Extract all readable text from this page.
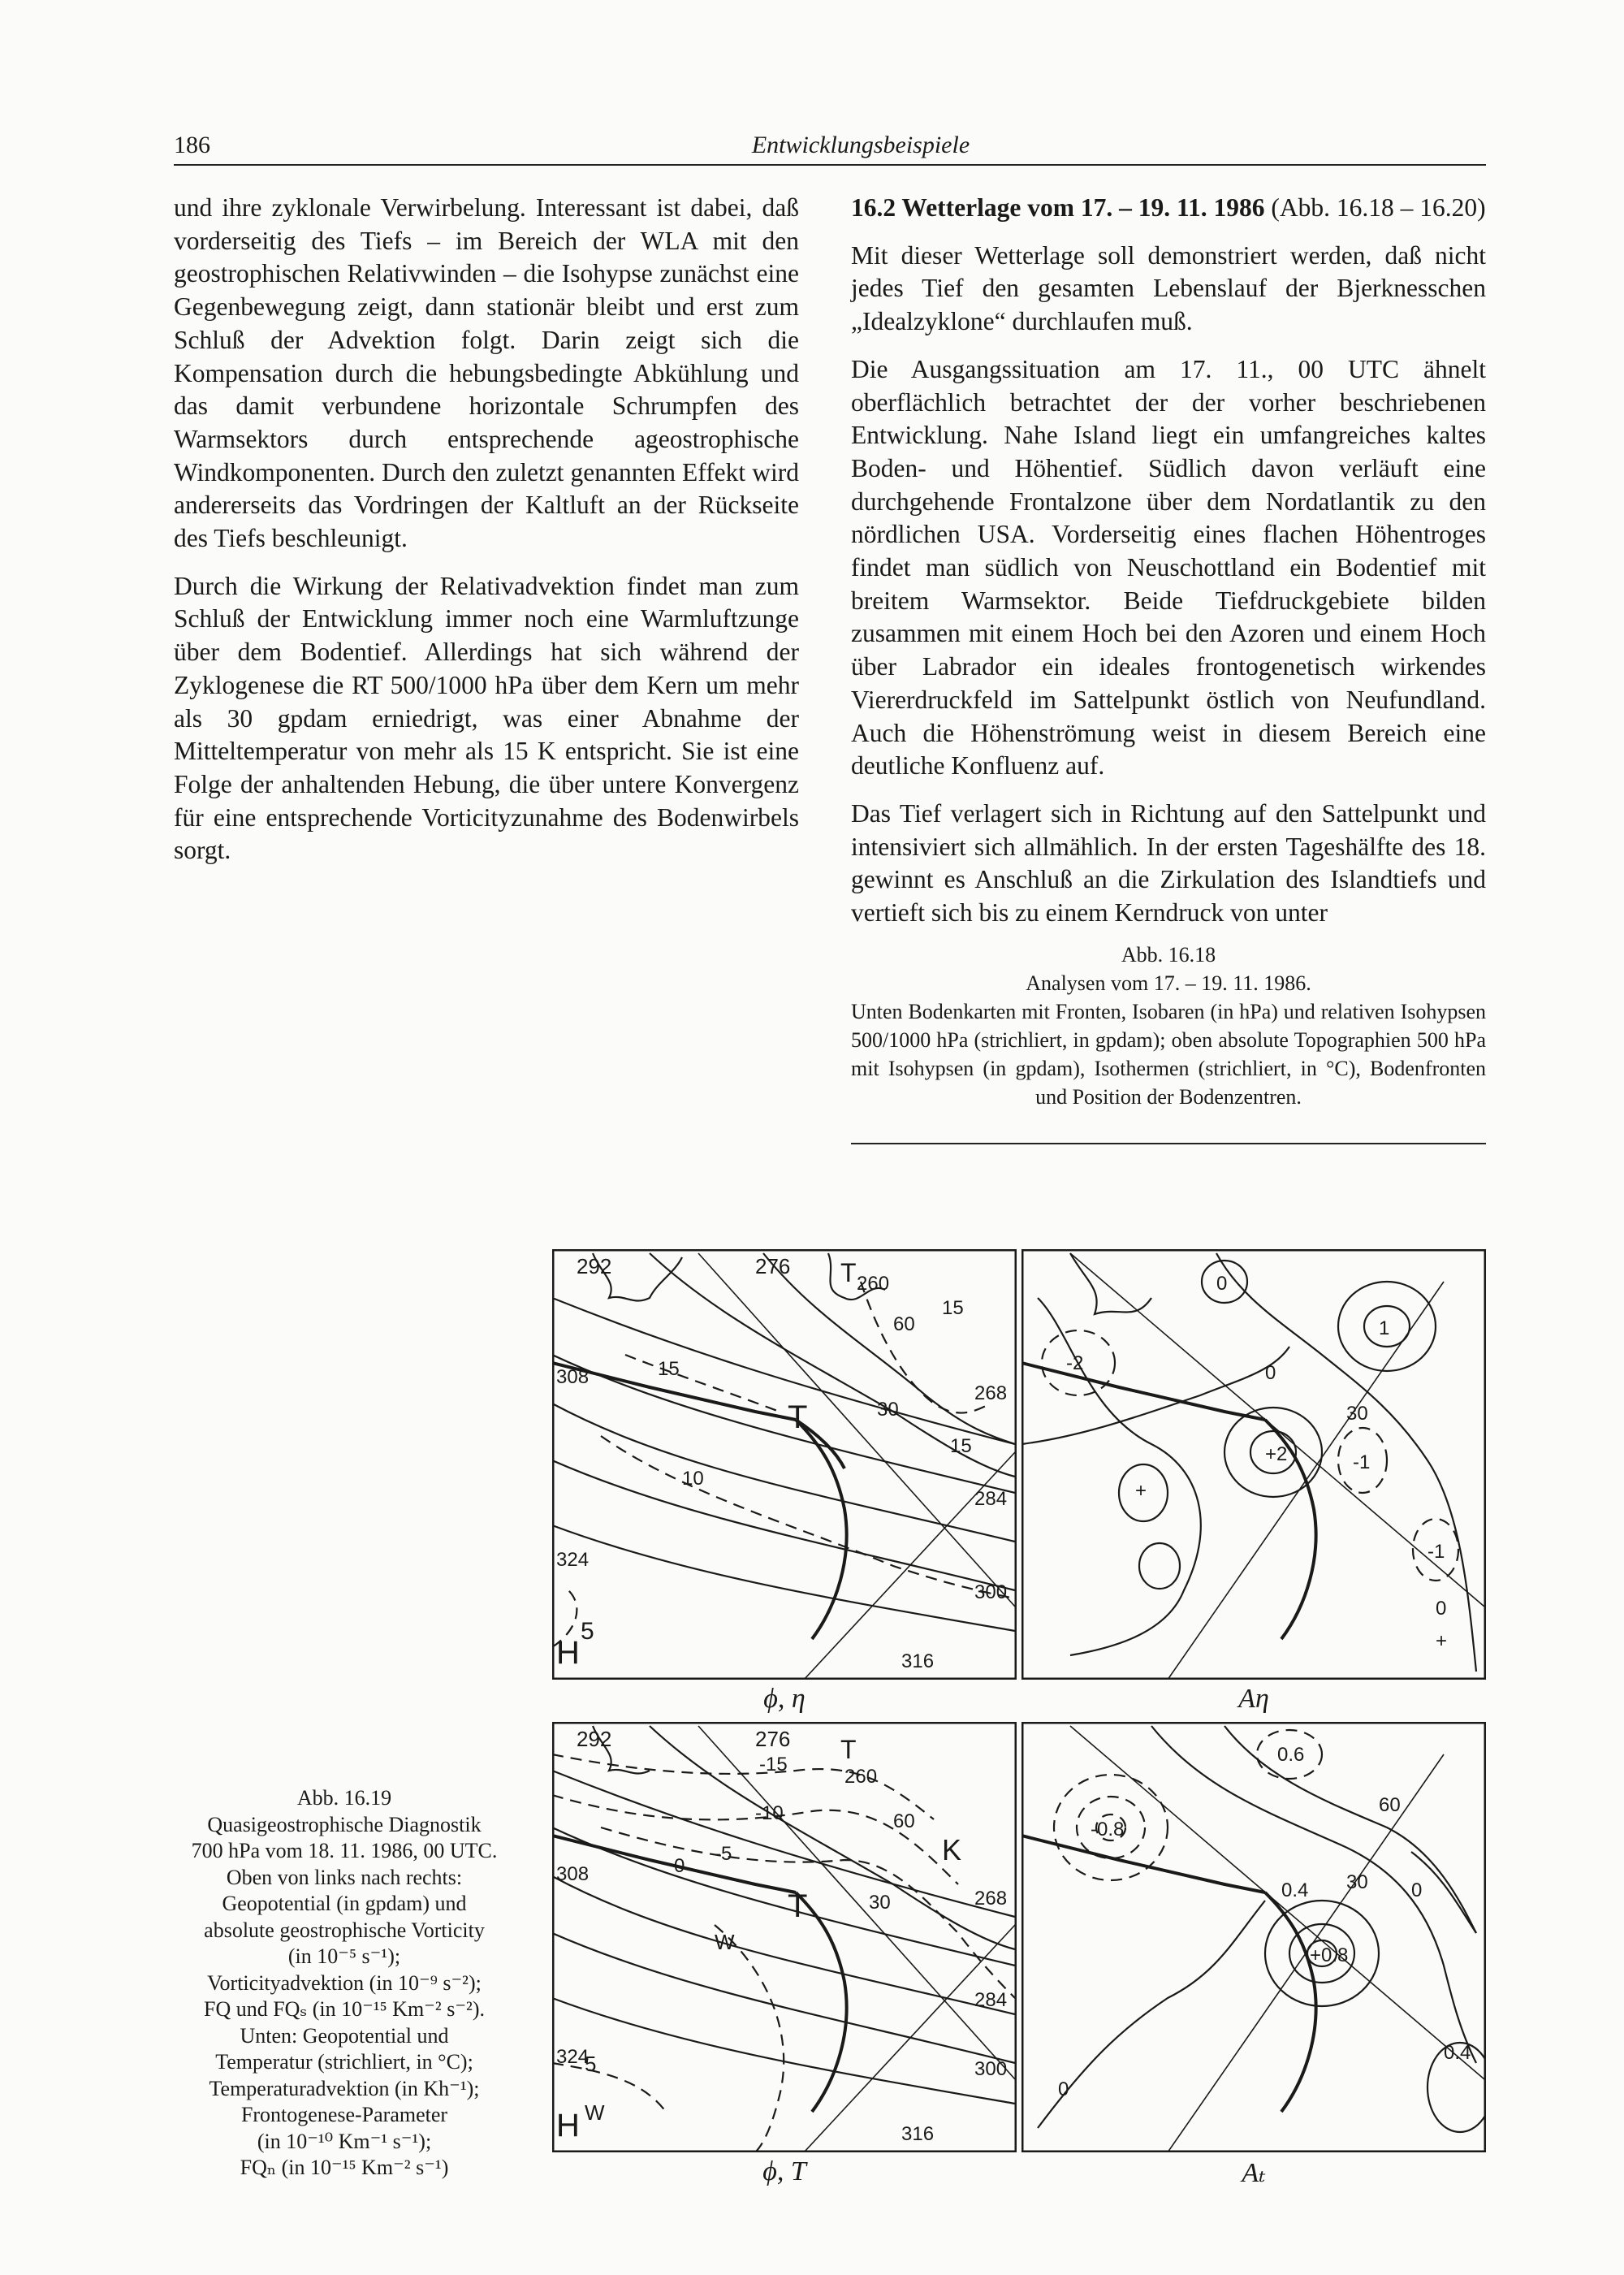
186	Entwicklungsbeispiele

und ihre zyklonale Verwirbelung. Interessant ist dabei, daß vorderseitig des Tiefs – im Bereich der WLA mit den geostrophischen Relativwinden – die Isohypse zunächst eine Gegenbewegung zeigt, dann stationär bleibt und erst zum Schluß der Advektion folgt. Darin zeigt sich die Kompensation durch die hebungsbedingte Abkühlung und das damit verbundene horizontale Schrumpfen des Warmsektors durch entsprechende ageostrophische Windkomponenten. Durch den zuletzt genannten Effekt wird andererseits das Vordringen der Kaltluft an der Rückseite des Tiefs beschleunigt.

Durch die Wirkung der Relativadvektion findet man zum Schluß der Entwicklung immer noch eine Warmluftzunge über dem Bodentief. Allerdings hat sich während der Zyklogenese die RT 500/1000 hPa über dem Kern um mehr als 30 gpdam erniedrigt, was einer Abnahme der Mitteltemperatur von mehr als 15 K entspricht. Sie ist eine Folge der anhaltenden Hebung, die über untere Konvergenz für eine entsprechende Vorticityzunahme des Bodenwirbels sorgt.

16.2 Wetterlage vom 17. – 19. 11. 1986 (Abb. 16.18 – 16.20)

Mit dieser Wetterlage soll demonstriert werden, daß nicht jedes Tief den gesamten Lebenslauf der Bjerknesschen „Idealzyklone“ durchlaufen muß.

Die Ausgangssituation am 17. 11., 00 UTC ähnelt oberflächlich betrachtet der der vorher beschriebenen Entwicklung. Nahe Island liegt ein umfangreiches kaltes Boden- und Höhentief. Südlich davon verläuft eine durchgehende Frontalzone über dem Nordatlantik zu den nördlichen USA. Vorderseitig eines flachen Höhentroges findet man südlich von Neuschottland ein Bodentief mit breitem Warmsektor. Beide Tiefdruckgebiete bilden zusammen mit einem Hoch bei den Azoren und einem Hoch über Labrador ein ideales frontogenetisch wirkendes Viererdruckfeld im Sattelpunkt östlich von Neufundland. Auch die Höhenströmung weist in diesem Bereich eine deutliche Konfluenz auf.

Das Tief verlagert sich in Richtung auf den Sattelpunkt und intensiviert sich allmählich. In der ersten Tageshälfte des 18. gewinnt es Anschluß an die Zirkulation des Islandtiefs und vertieft sich bis zu einem Kerndruck von unter

Abb. 16.18
Analysen vom 17. – 19. 11. 1986.
Unten Bodenkarten mit Fronten, Isobaren (in hPa) und relativen Isohypsen 500/1000 hPa (strichliert, in gpdam); oben absolute Topographien 500 hPa mit Isohypsen (in gpdam), Isothermen (strichliert, in °C), Bodenfronten und Position der Bodenzentren.
Abb. 16.19
Quasigeostrophische Diagnostik
700 hPa vom 18. 11. 1986, 00 UTC.
Oben von links nach rechts:
Geopotential (in gpdam) und
absolute geostrophische Vorticity
(in 10⁻⁵ s⁻¹);
Vorticityadvektion (in 10⁻⁹ s⁻²);
FQ und FQₛ (in 10⁻¹⁵ Km⁻² s⁻²).
Unten: Geopotential und
Temperatur (strichliert, in °C);
Temperaturadvektion (in Kh⁻¹);
Frontogenese-Parameter
(in 10⁻¹⁰ Km⁻¹ s⁻¹);
FQₙ (in 10⁻¹⁵ Km⁻² s⁻¹)
292	276
260
15
60
308	15
30
268
15
284
10
324
300
316
5
T
H
T
ϕ, η
0
-2
1
0
30
+2	-1
+
-1
0
+
Aη
292	276
-15
260
-10	60
-5
0
308
30	268
W
284
324
5	300
W
316
T
H
K
T
ϕ, T
0.6
-0.8
60
0.4 30 0
+0.8
0.4
0
Aₜ
